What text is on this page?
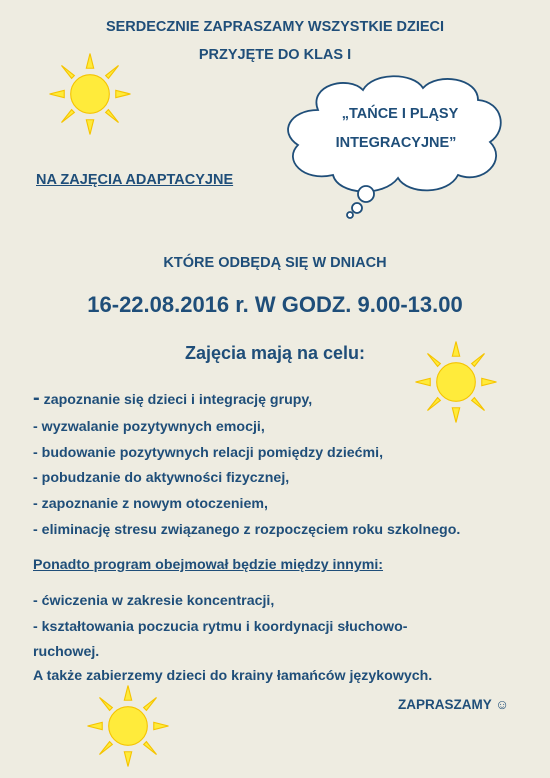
SERDECZNIE ZAPRASZAMY WSZYSTKIE DZIECI
PRZYJĘTE DO KLAS I
„TAŃCE I PLĄSY
INTEGRACYJNE”
NA ZAJĘCIA ADAPTACYJNE
KTÓRE ODBĘDĄ SIĘ W DNIACH
16-22.08.2016 r. W GODZ. 9.00-13.00
Zajęcia mają na celu:
- zapoznanie się dzieci i integrację grupy,
- wyzwalanie pozytywnych emocji,
- budowanie pozytywnych relacji pomiędzy dziećmi,
- pobudzanie do aktywności fizycznej,
- zapoznanie z nowym otoczeniem,
- eliminację stresu związanego z rozpoczęciem roku szkolnego.
Ponadto program obejmował będzie między innymi:
- ćwiczenia w zakresie koncentracji,
- kształtowania poczucia rytmu i koordynacji słuchowo-
ruchowej.
A także zabierzemy dzieci do krainy łamańców językowych.
ZAPRASZAMY ☺
